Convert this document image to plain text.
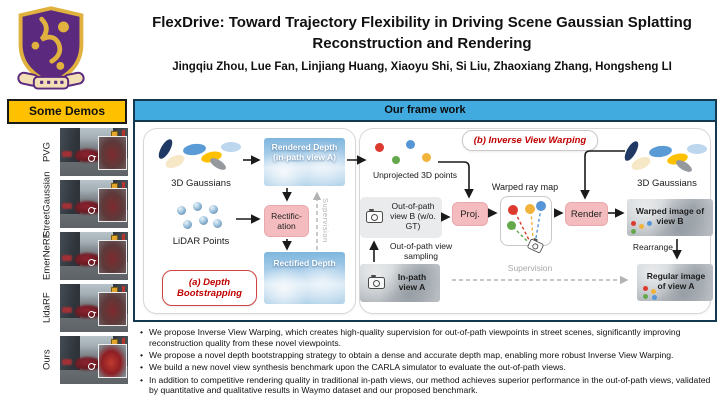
FlexDrive: Toward Trajectory Flexibility in Driving Scene Gaussian Splatting Reconstruction and Rendering
Jingqiu Zhou, Lue Fan, Linjiang Huang, Xiaoyu Shi, Si Liu, Zhaoxiang Zhang, Hongsheng LI
Some Demos
PVG
StreetGaussian
EmerNeRF
LidaRF
Ours
Our frame work
3D Gaussians
Rendered Depth (in-path view A)
LiDAR Points
Rectific-ation
Rectified Depth
Supervision
(a) Depth Bootstrapping
(b) Inverse View Warping
Unprojected 3D points
Out-of-path view B (w/o. GT)
Out-of-path view sampling
In-path view A
Proj.
Warped ray map
Render
3D Gaussians
Warped image of view B
Rearrange
Regular image of view A
Supervision
• We propose Inverse View Warping, which creates high-quality supervision for out-of-path viewpoints in street scenes, significantly improving reconstruction quality from these novel viewpoints.
• We propose a novel depth bootstrapping strategy to obtain a dense and accurate depth map, enabling more robust Inverse View Warping.
• We build a new novel view synthesis benchmark upon the CARLA simulator to evaluate the out-of-path views.
• In addition to competitive rendering quality in traditional in-path views, our method achieves superior performance in the out-of-path views, validated by quantitative and qualitative results in Waymo dataset and our proposed benchmark.
